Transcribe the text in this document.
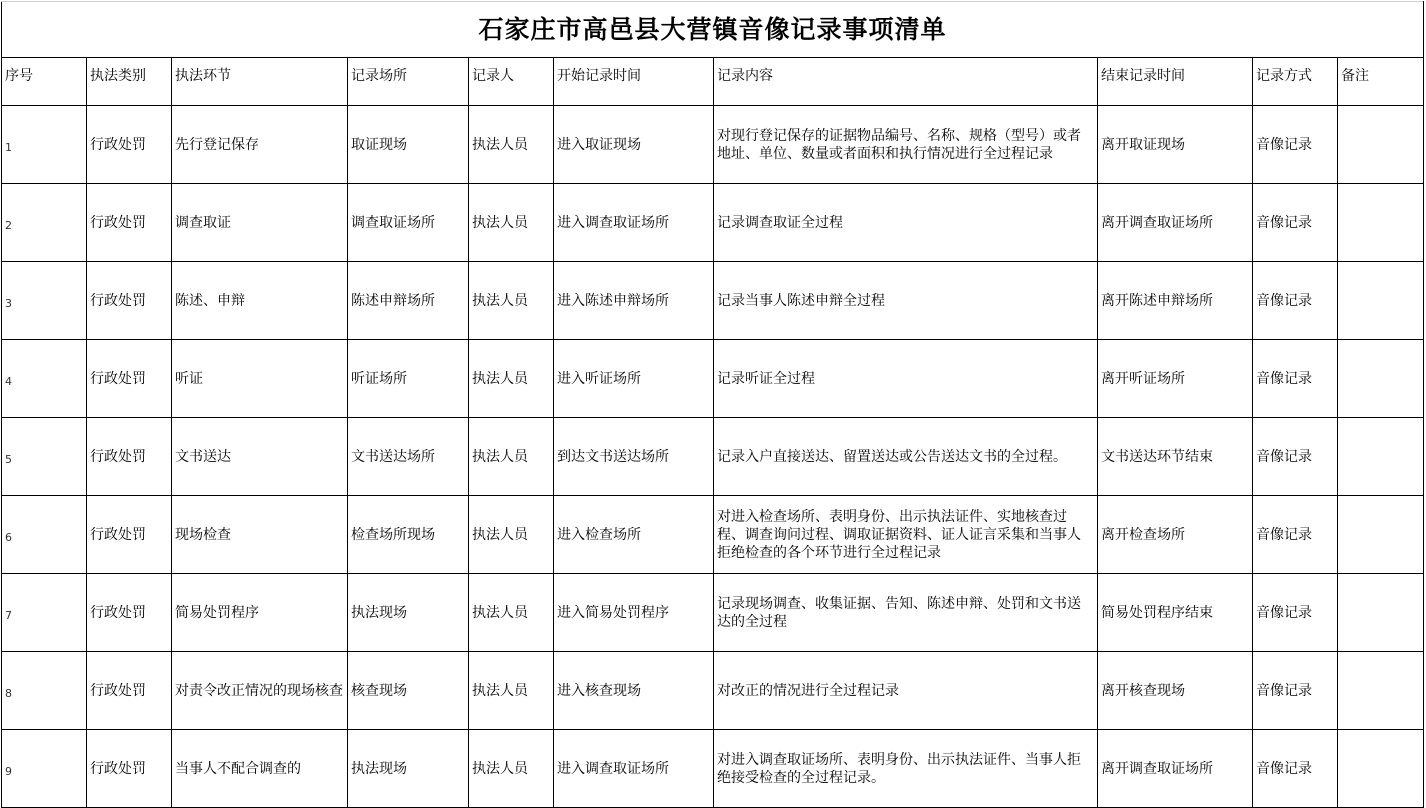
石家庄市高邑县大营镇音像记录事项清单									
序号	执法类别	执法环节	记录场所	记录人	开始记录时间	记录内容	结束记录时间	记录方式	备注
1	行政处罚	先行登记保存	取证现场	执法人员	进入取证现场	对现行登记保存的证据物品编号、名称、规格（型号）或者地址、单位、数量或者面积和执行情况进行全过程记录	离开取证现场	音像记录	
2	行政处罚	调查取证	调查取证场所	执法人员	进入调查取证场所	记录调查取证全过程	离开调查取证场所	音像记录	
3	行政处罚	陈述、申辩	陈述申辩场所	执法人员	进入陈述申辩场所	记录当事人陈述申辩全过程	离开陈述申辩场所	音像记录	
4	行政处罚	听证	听证场所	执法人员	进入听证场所	记录听证全过程	离开听证场所	音像记录	
5	行政处罚	文书送达	文书送达场所	执法人员	到达文书送达场所	记录入户直接送达、留置送达或公告送达文书的全过程。	文书送达环节结束	音像记录	
6	行政处罚	现场检查	检查场所现场	执法人员	进入检查场所	对进入检查场所、表明身份、出示执法证件、实地核查过程、调查询问过程、调取证据资料、证人证言采集和当事人拒绝检查的各个环节进行全过程记录	离开检查场所	音像记录	
7	行政处罚	简易处罚程序	执法现场	执法人员	进入简易处罚程序	记录现场调查、收集证据、告知、陈述申辩、处罚和文书送达的全过程	简易处罚程序结束	音像记录	
8	行政处罚	对责令改正情况的现场核查	核查现场	执法人员	进入核查现场	对改正的情况进行全过程记录	离开核查现场	音像记录	
9	行政处罚	当事人不配合调查的	执法现场	执法人员	进入调查取证场所	对进入调查取证场所、表明身份、出示执法证件、当事人拒绝接受检查的全过程记录。	离开调查取证场所	音像记录	
